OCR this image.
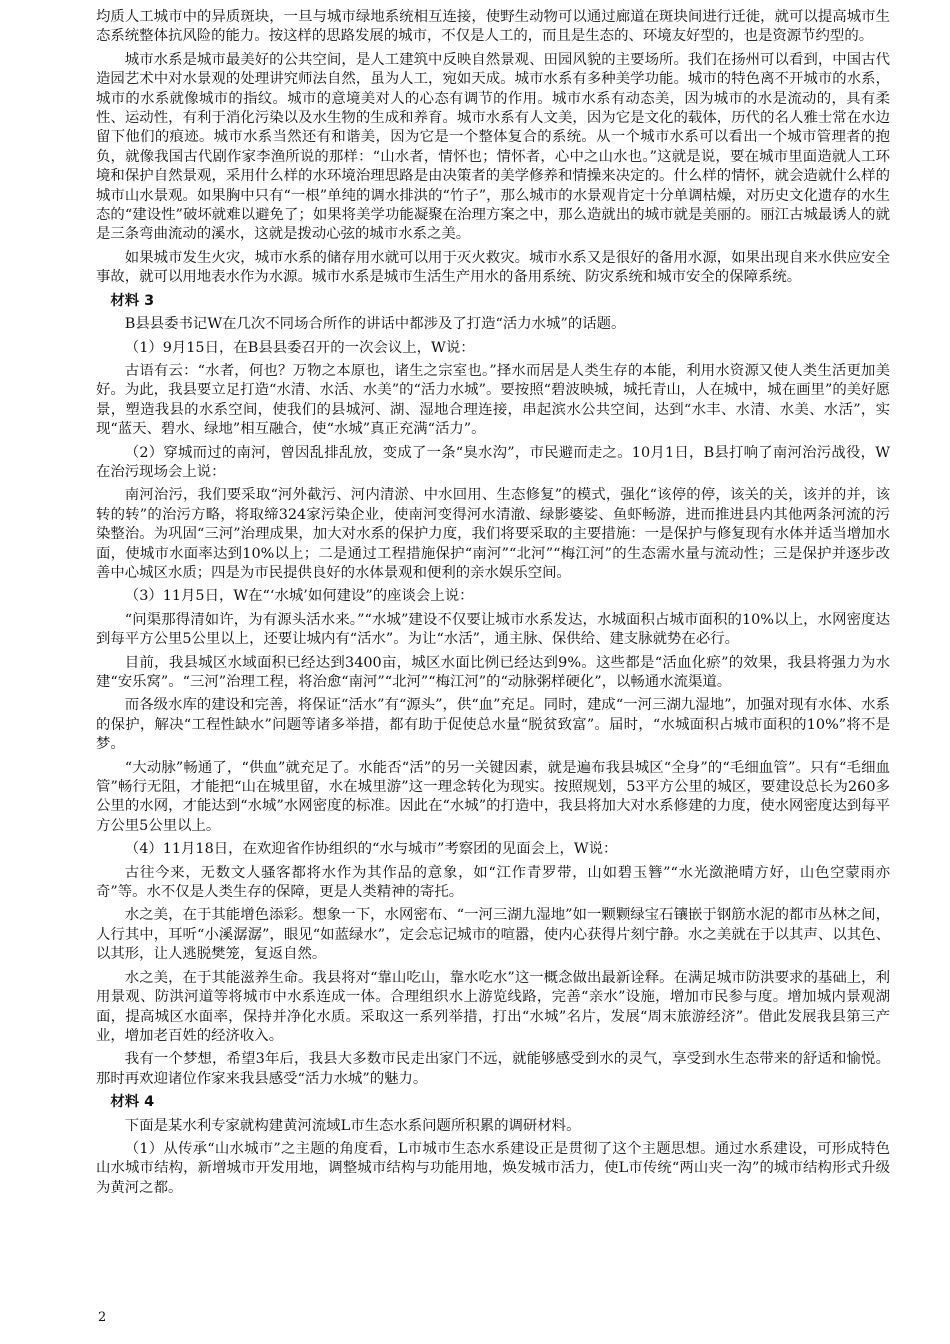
均质人工城市中的异质斑块，一旦与城市绿地系统相互连接，使野生动物可以通过廊道在斑块间进行迁徙，就可以提高城市生态系统整体抗风险的能力。按这样的思路发展的城市，不仅是人工的，而且是生态的、环境友好型的，也是资源节约型的。

城市水系是城市最美好的公共空间，是人工建筑中反映自然景观、田园风貌的主要场所。我们在扬州可以看到，中国古代造园艺术中对水景观的处理讲究师法自然，虽为人工，宛如天成。城市水系有多种美学功能。城市的特色离不开城市的水系，城市的水系就像城市的指纹。城市的意境美对人的心态有调节的作用。城市水系有动态美，因为城市的水是流动的，具有柔性、运动性，有利于消化污染以及水生物的生成和养育。城市水系有人文美，因为它是文化的载体，历代的名人雅士常在水边留下他们的痕迹。城市水系当然还有和谐美，因为它是一个整体复合的系统。从一个城市水系可以看出一个城市管理者的抱负，就像我国古代剧作家李渔所说的那样：“山水者，情怀也；情怀者，心中之山水也。”这就是说，要在城市里面造就人工环境和保护自然景观，采用什么样的水环境治理思路是由决策者的美学修养和情操来决定的。什么样的情怀，就会造就什么样的城市山水景观。如果胸中只有“一根”单纯的调水排洪的“竹子”，那么城市的水景观肯定十分单调枯燥，对历史文化遗存的水生态的“建设性”破坏就难以避免了；如果将美学功能凝聚在治理方案之中，那么造就出的城市就是美丽的。丽江古城最诱人的就是三条弯曲流动的溪水，这就是拨动心弦的城市水系之美。

如果城市发生火灾，城市水系的储存用水就可以用于灭火救灾。城市水系又是很好的备用水源，如果出现自来水供应安全事故，就可以用地表水作为水源。城市水系是城市生活生产用水的备用系统、防灾系统和城市安全的保障系统。

材料 3

B县县委书记W在几次不同场合所作的讲话中都涉及了打造“活力水城”的话题。

（1）9月15日，在B县县委召开的一次会议上，W说：

古语有云：“水者，何也？万物之本原也，诸生之宗室也。”择水而居是人类生存的本能，利用水资源又使人类生活更加美好。为此，我县要立足打造“水清、水活、水美”的“活力水城”。要按照“碧波映城，城托青山，人在城中，城在画里”的美好愿景，塑造我县的水系空间，使我们的县城河、湖、湿地合理连接，串起滨水公共空间，达到“水丰、水清、水美、水活”，实现“蓝天、碧水、绿地”相互融合，使“水城”真正充满“活力”。

（2）穿城而过的南河，曾因乱排乱放，变成了一条“臭水沟”，市民避而走之。10月1日，B县打响了南河治污战役，W在治污现场会上说：

南河治污，我们要采取“河外截污、河内清淤、中水回用、生态修复”的模式，强化“该停的停，该关的关，该并的并，该转的转”的治污方略，将取缔324家污染企业，使南河变得河水清澈、绿影婆娑、鱼虾畅游，进而推进县内其他两条河流的污染整治。为巩固“三河”治理成果，加大对水系的保护力度，我们将要采取的主要措施：一是保护与修复现有水体并适当增加水面，使城市水面率达到10%以上；二是通过工程措施保护“南河”“北河”“梅江河”的生态需水量与流动性；三是保护并逐步改善中心城区水质；四是为市民提供良好的水体景观和便利的亲水娱乐空间。

（3）11月5日，W在“‘水城’如何建设”的座谈会上说：

“问渠那得清如许，为有源头活水来。”“水城”建设不仅要让城市水系发达，水城面积占城市面积的10%以上，水网密度达到每平方公里5公里以上，还要让城内有“活水”。为让“水活”，通主脉、保供给、建支脉就势在必行。

目前，我县城区水域面积已经达到3400亩，城区水面比例已经达到9%。这些都是“活血化瘀”的效果，我县将强力为水建“安乐窝”。“三河”治理工程，将治愈“南河”“北河”“梅江河”的“动脉粥样硬化”，以畅通水流渠道。

而各级水库的建设和完善，将保证“活水”有“源头”，供“血”充足。同时，建成“一河三湖九湿地”，加强对现有水体、水系的保护，解决“工程性缺水”问题等诸多举措，都有助于促使总水量“脱贫致富”。届时，“水城面积占城市面积的10%”将不是梦。

“大动脉”畅通了，“供血”就充足了。水能否“活”的另一关键因素，就是遍布我县城区“全身”的“毛细血管”。只有“毛细血管”畅行无阻，才能把“山在城里留，水在城里游”这一理念转化为现实。按照规划，53平方公里的城区，要建设总长为260多公里的水网，才能达到“水城”水网密度的标准。因此在“水城”的打造中，我县将加大对水系修建的力度，使水网密度达到每平方公里5公里以上。

（4）11月18日，在欢迎省作协组织的“水与城市”考察团的见面会上，W说：

古往今来，无数文人骚客都将水作为其作品的意象，如“江作青罗带，山如碧玉簪”“水光潋滟晴方好，山色空蒙雨亦奇”等。水不仅是人类生存的保障，更是人类精神的寄托。

水之美，在于其能增色添彩。想象一下，水网密布、“一河三湖九湿地”如一颗颗绿宝石镶嵌于钢筋水泥的都市丛林之间，人行其中，耳听“小溪潺潺”，眼见“如蓝绿水”，定会忘记城市的喧嚣，使内心获得片刻宁静。水之美就在于以其声、以其色、以其形，让人逃脱樊笼，复返自然。

水之美，在于其能滋养生命。我县将对“靠山吃山，靠水吃水”这一概念做出最新诠释。在满足城市防洪要求的基础上，利用景观、防洪河道等将城市中水系连成一体。合理组织水上游览线路，完善“亲水”设施，增加市民参与度。增加城内景观湖面，提高城区水面率，保持并净化水质。采取这一系列举措，打出“水城”名片，发展“周末旅游经济”。借此发展我县第三产业，增加老百姓的经济收入。

我有一个梦想，希望3年后，我县大多数市民走出家门不远，就能够感受到水的灵气，享受到水生态带来的舒适和愉悦。那时再欢迎诸位作家来我县感受“活力水城”的魅力。

材料 4

下面是某水利专家就构建黄河流域L市生态水系问题所积累的调研材料。

（1）从传承“山水城市”之主题的角度看，L市城市生态水系建设正是贯彻了这个主题思想。通过水系建设，可形成特色山水城市结构，新增城市开发用地，调整城市结构与功能用地，焕发城市活力，使L市传统“两山夹一沟”的城市结构形式升级为黄河之都。

2
